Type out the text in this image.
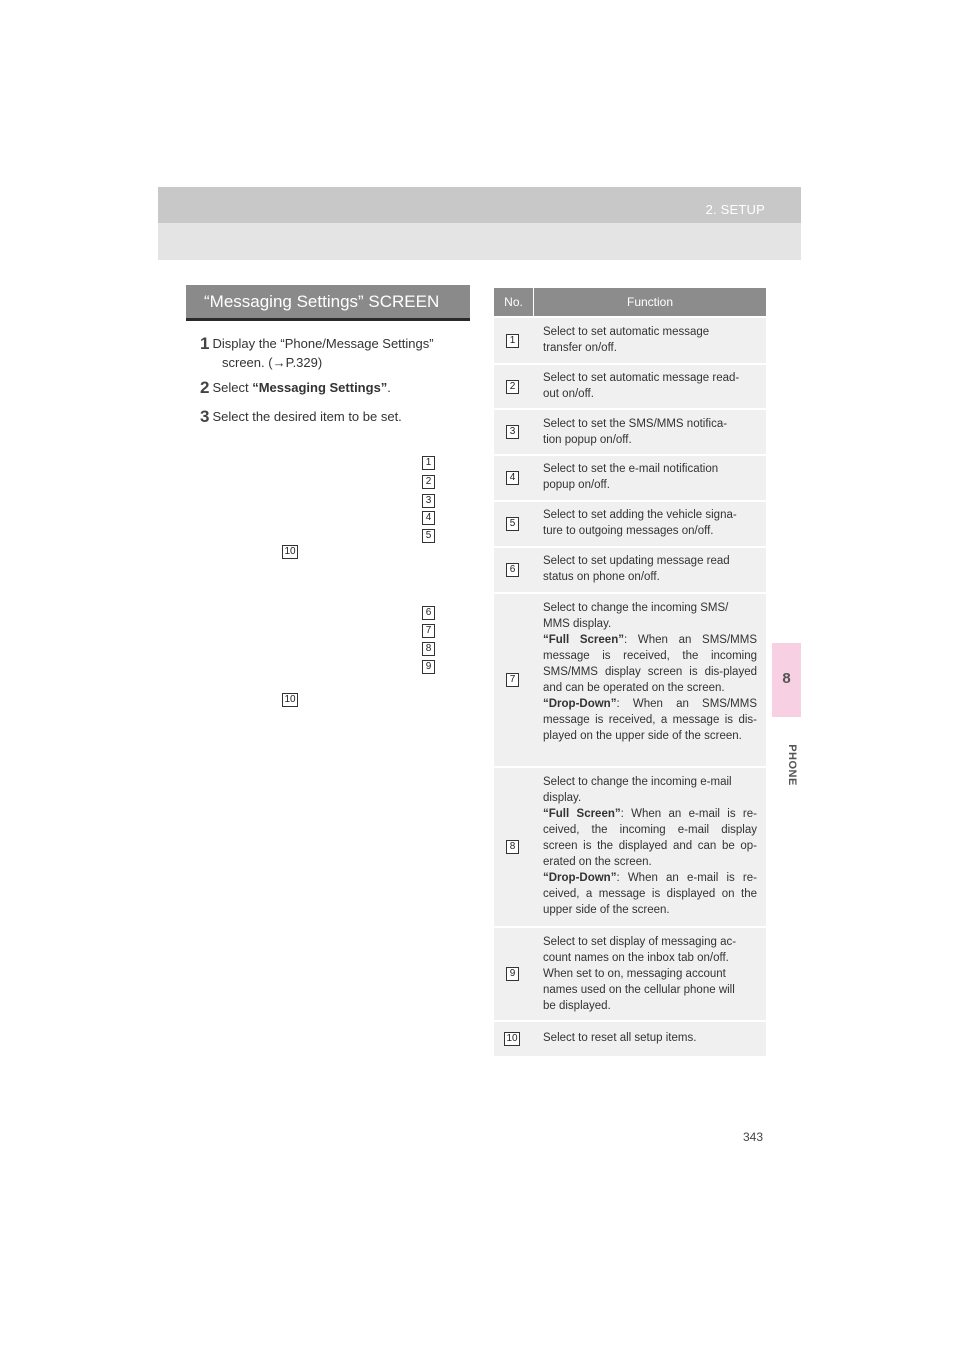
2. SETUP
8
PHONE
“Messaging Settings” SCREEN
1 Display the “Phone/Message Settings”
screen. (→P.329)
2 Select “Messaging Settings”.
3 Select the desired item to be set.
1
2
3
4
5
10
6
7
8
9
10
No.	Function
1
Select to set automatic message
transfer on/off.
2
Select to set automatic message read-
out on/off.
3
Select to set the SMS/MMS notifica-
tion popup on/off.
4
Select to set the e-mail notification
popup on/off.
5
Select to set adding the vehicle signa-
ture to outgoing messages on/off.
6
Select to set updating message read
status on phone on/off.
7
Select to change the incoming SMS/
MMS display.
“Full Screen”: When an SMS/MMS message is received, the incoming SMS/MMS display screen is dis-played and can be operated on the screen.
“Drop-Down”: When an SMS/MMS message is received, a message is dis-played on the upper side of the screen.
8
Select to change the incoming e-mail
display.
“Full Screen”: When an e-mail is re-ceived, the incoming e-mail display screen is the displayed and can be op-erated on the screen.
“Drop-Down”: When an e-mail is re-ceived, a message is displayed on the upper side of the screen.
9
Select to set display of messaging ac-
count names on the inbox tab on/off.
When set to on, messaging account
names used on the cellular phone will
be displayed.
10 Select to reset all setup items.
343
